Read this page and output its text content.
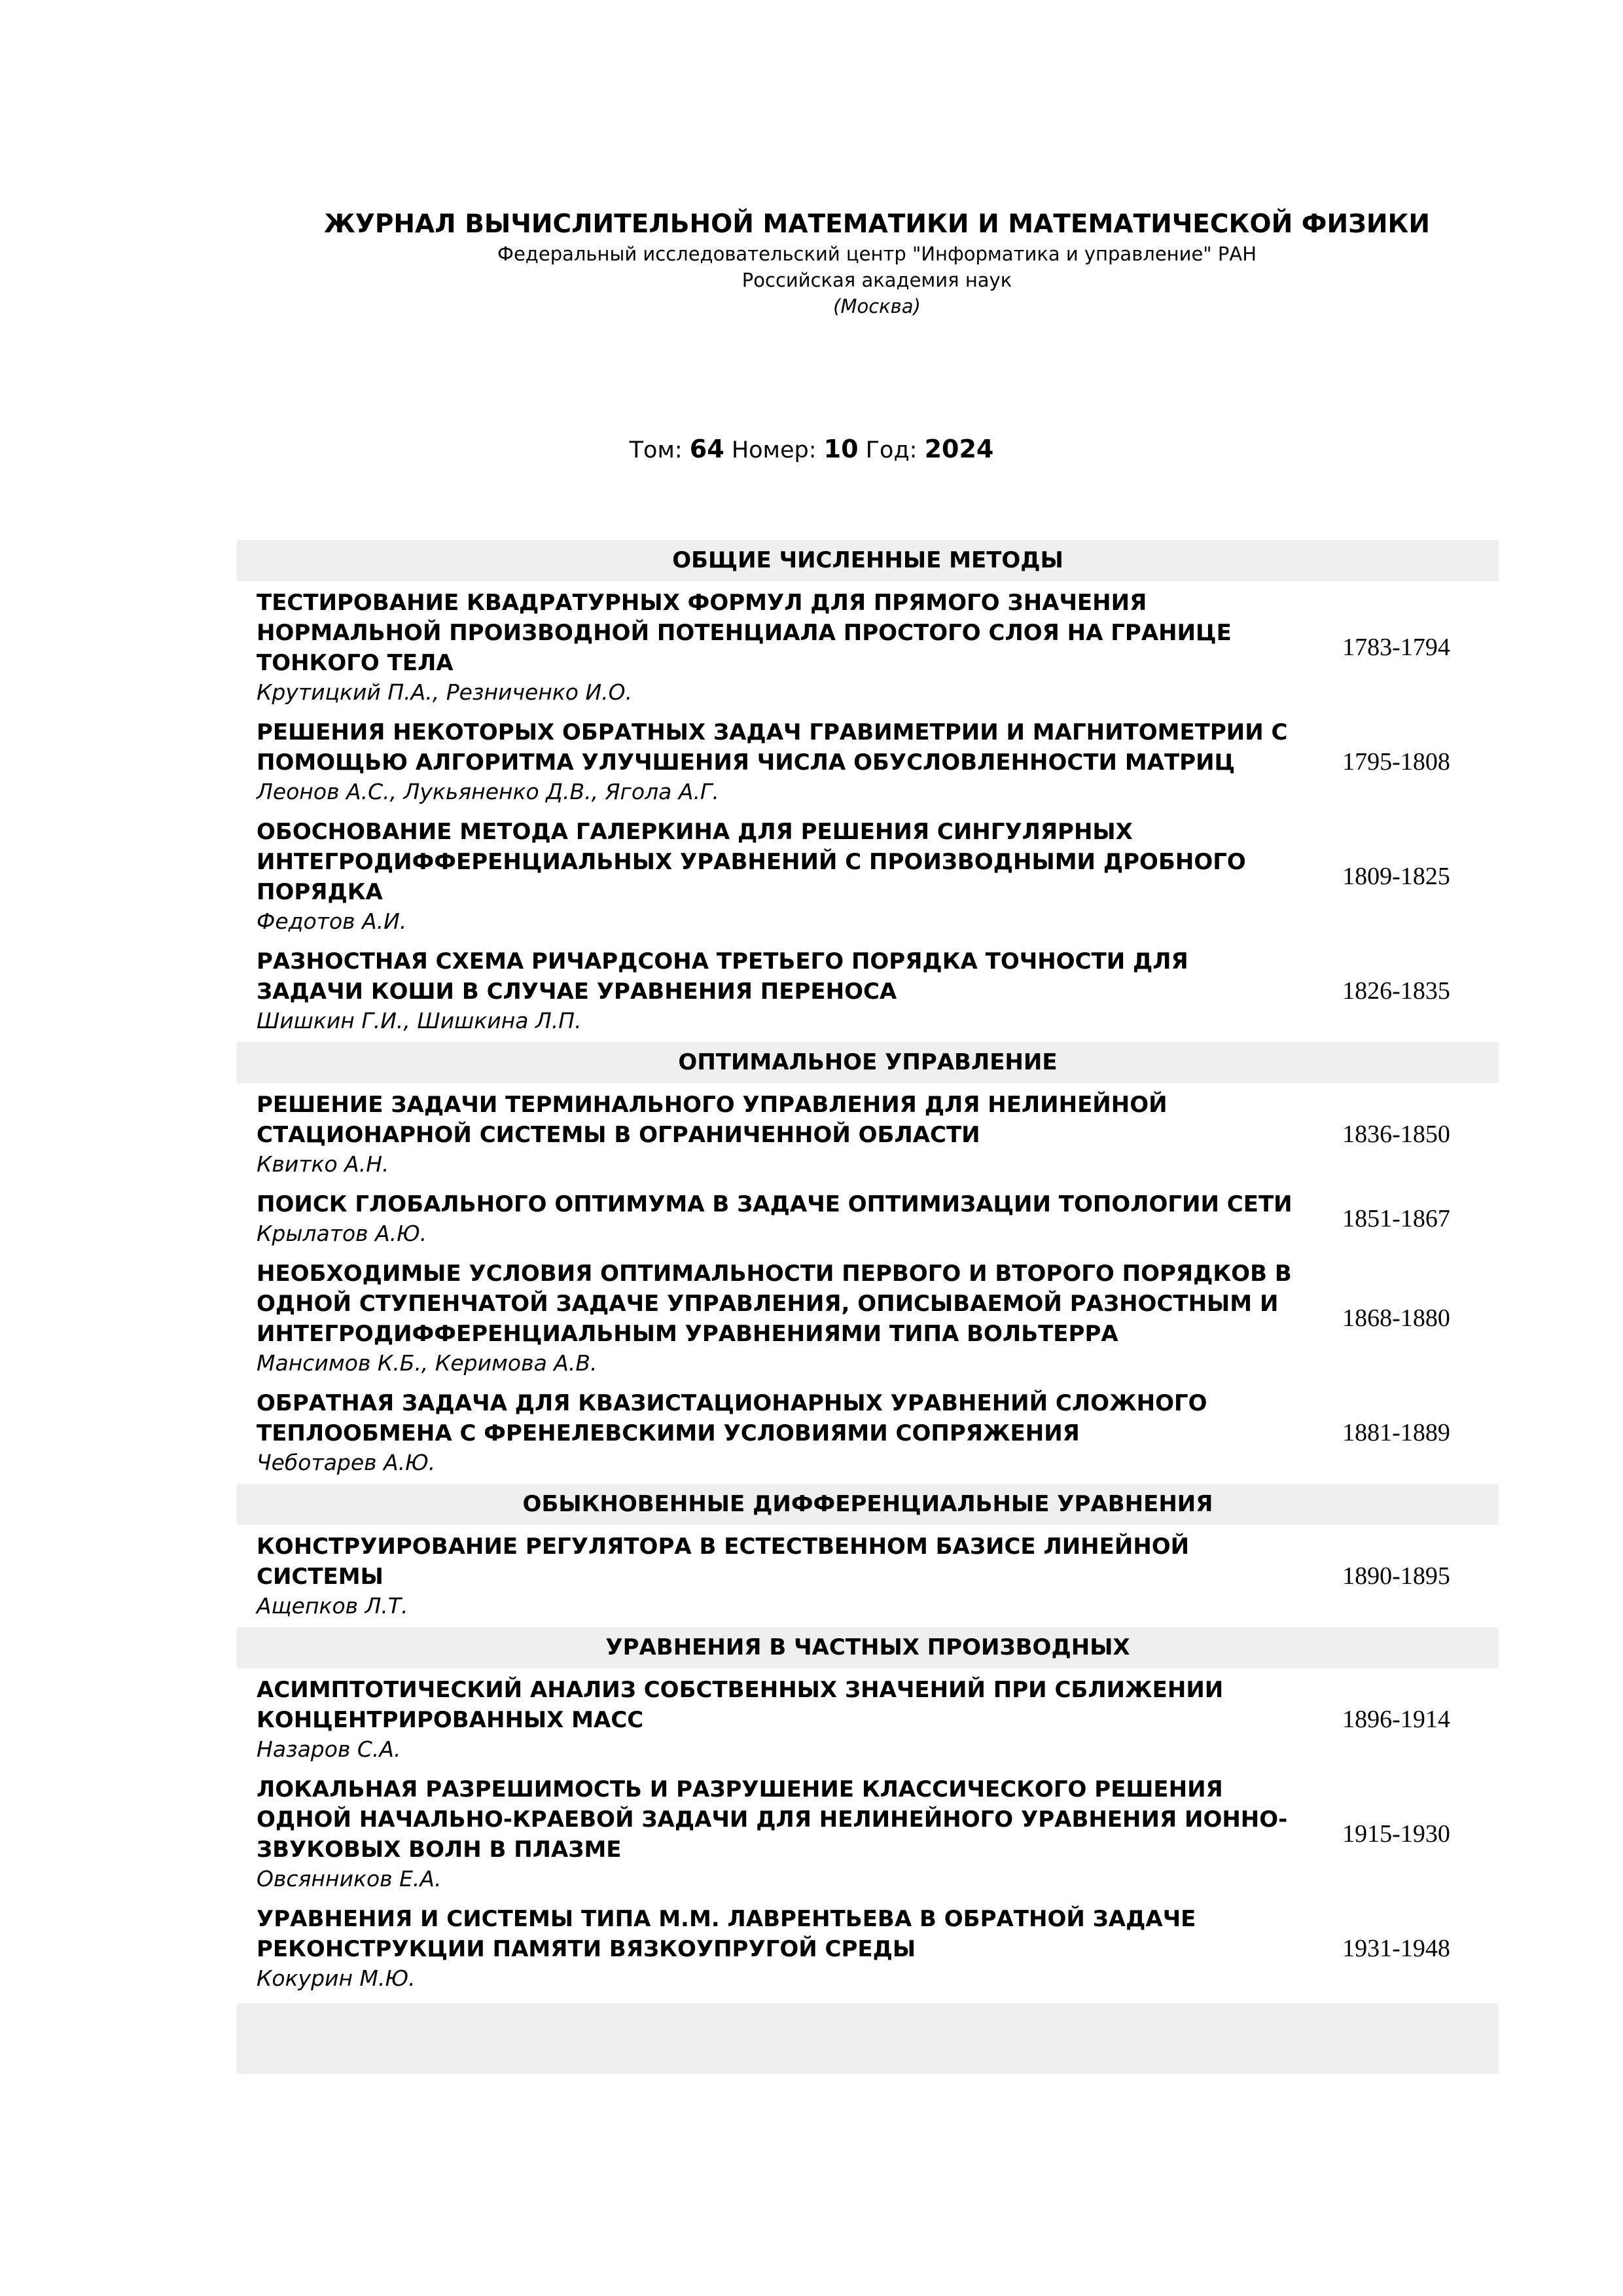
ЖУРНАЛ ВЫЧИСЛИТЕЛЬНОЙ МАТЕМАТИКИ И МАТЕМАТИЧЕСКОЙ ФИЗИКИ

Федеральный исследовательский центр "Информатика и управление" РАН

Российская академия наук

(Москва)

Том: 64 Номер: 10 Год: 2024
ОБЩИЕ ЧИСЛЕННЫЕ МЕТОДЫ
ТЕСТИРОВАНИЕ КВАДРАТУРНЫХ ФОРМУЛ ДЛЯ ПРЯМОГО ЗНАЧЕНИЯ НОРМАЛЬНОЙ ПРОИЗВОДНОЙ ПОТЕНЦИАЛА ПРОСТОГО СЛОЯ НА ГРАНИЦЕ ТОНКОГО ТЕЛА
Крутицкий П.А., Резниченко И.О.
1783-1794
РЕШЕНИЯ НЕКОТОРЫХ ОБРАТНЫХ ЗАДАЧ ГРАВИМЕТРИИ И МАГНИТОМЕТРИИ С ПОМОЩЬЮ АЛГОРИТМА УЛУЧШЕНИЯ ЧИСЛА ОБУСЛОВЛЕННОСТИ МАТРИЦ
Леонов А.С., Лукьяненко Д.В., Ягола А.Г.
1795-1808
ОБОСНОВАНИЕ МЕТОДА ГАЛЕРКИНА ДЛЯ РЕШЕНИЯ СИНГУЛЯРНЫХ ИНТЕГРОДИФФЕРЕНЦИАЛЬНЫХ УРАВНЕНИЙ С ПРОИЗВОДНЫМИ ДРОБНОГО ПОРЯДКА
Федотов А.И.
1809-1825
РАЗНОСТНАЯ СХЕМА РИЧАРДСОНА ТРЕТЬЕГО ПОРЯДКА ТОЧНОСТИ ДЛЯ ЗАДАЧИ КОШИ В СЛУЧАЕ УРАВНЕНИЯ ПЕРЕНОСА
Шишкин Г.И., Шишкина Л.П.
1826-1835
ОПТИМАЛЬНОЕ УПРАВЛЕНИЕ
РЕШЕНИЕ ЗАДАЧИ ТЕРМИНАЛЬНОГО УПРАВЛЕНИЯ ДЛЯ НЕЛИНЕЙНОЙ СТАЦИОНАРНОЙ СИСТЕМЫ В ОГРАНИЧЕННОЙ ОБЛАСТИ
Квитко А.Н.
1836-1850
ПОИСК ГЛОБАЛЬНОГО ОПТИМУМА В ЗАДАЧЕ ОПТИМИЗАЦИИ ТОПОЛОГИИ СЕТИ
Крылатов А.Ю.
1851-1867
НЕОБХОДИМЫЕ УСЛОВИЯ ОПТИМАЛЬНОСТИ ПЕРВОГО И ВТОРОГО ПОРЯДКОВ В ОДНОЙ СТУПЕНЧАТОЙ ЗАДАЧЕ УПРАВЛЕНИЯ, ОПИСЫВАЕМОЙ РАЗНОСТНЫМ И ИНТЕГРОДИФФЕРЕНЦИАЛЬНЫМ УРАВНЕНИЯМИ ТИПА ВОЛЬТЕРРА
Мансимов К.Б., Керимова А.В.
1868-1880
ОБРАТНАЯ ЗАДАЧА ДЛЯ КВАЗИСТАЦИОНАРНЫХ УРАВНЕНИЙ СЛОЖНОГО ТЕПЛООБМЕНА С ФРЕНЕЛЕВСКИМИ УСЛОВИЯМИ СОПРЯЖЕНИЯ
Чеботарев А.Ю.
1881-1889
ОБЫКНОВЕННЫЕ ДИФФЕРЕНЦИАЛЬНЫЕ УРАВНЕНИЯ
КОНСТРУИРОВАНИЕ РЕГУЛЯТОРА В ЕСТЕСТВЕННОМ БАЗИСЕ ЛИНЕЙНОЙ СИСТЕМЫ
Ащепков Л.Т.
1890-1895
УРАВНЕНИЯ В ЧАСТНЫХ ПРОИЗВОДНЫХ
АСИМПТОТИЧЕСКИЙ АНАЛИЗ СОБСТВЕННЫХ ЗНАЧЕНИЙ ПРИ СБЛИЖЕНИИ КОНЦЕНТРИРОВАННЫХ МАСС
Назаров С.А.
1896-1914
ЛОКАЛЬНАЯ РАЗРЕШИМОСТЬ И РАЗРУШЕНИЕ КЛАССИЧЕСКОГО РЕШЕНИЯ ОДНОЙ НАЧАЛЬНО-КРАЕВОЙ ЗАДАЧИ ДЛЯ НЕЛИНЕЙНОГО УРАВНЕНИЯ ИОННО-ЗВУКОВЫХ ВОЛН В ПЛАЗМЕ
Овсянников Е.А.
1915-1930
УРАВНЕНИЯ И СИСТЕМЫ ТИПА М.М. ЛАВРЕНТЬЕВА В ОБРАТНОЙ ЗАДАЧЕ РЕКОНСТРУКЦИИ ПАМЯТИ ВЯЗКОУПРУГОЙ СРЕДЫ
Кокурин М.Ю.
1931-1948
